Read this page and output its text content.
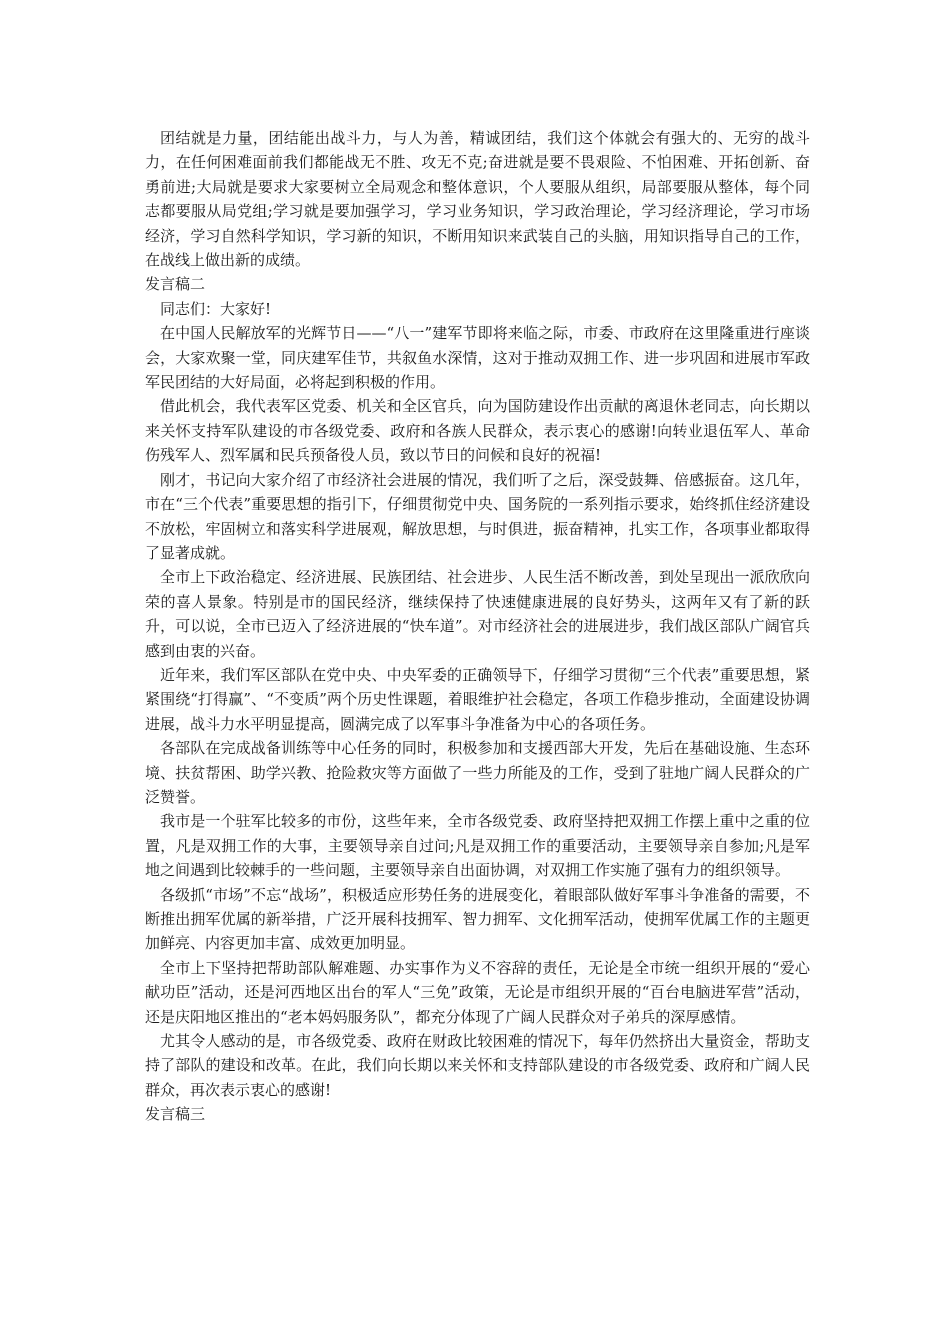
团结就是力量，团结能出战斗力，与人为善，精诚团结，我们这个体就会有强大的、无穷的战斗力，在任何困难面前我们都能战无不胜、攻无不克;奋进就是要不畏艰险、不怕困难、开拓创新、奋勇前进;大局就是要求大家要树立全局观念和整体意识，个人要服从组织，局部要服从整体，每个同志都要服从局党组;学习就是要加强学习，学习业务知识，学习政治理论，学习经济理论，学习市场经济，学习自然科学知识，学习新的知识，不断用知识来武装自己的头脑，用知识指导自己的工作，在战线上做出新的成绩。

发言稿二

同志们：大家好!

在中国人民解放军的光辉节日——“八一”建军节即将来临之际，市委、市政府在这里隆重进行座谈会，大家欢聚一堂，同庆建军佳节，共叙鱼水深情，这对于推动双拥工作、进一步巩固和进展市军政军民团结的大好局面，必将起到积极的作用。

借此机会，我代表军区党委、机关和全区官兵，向为国防建设作出贡献的离退休老同志，向长期以来关怀支持军队建设的市各级党委、政府和各族人民群众，表示衷心的感谢!向转业退伍军人、革命伤残军人、烈军属和民兵预备役人员，致以节日的问候和良好的祝福!

刚才，书记向大家介绍了市经济社会进展的情况，我们听了之后，深受鼓舞、倍感振奋。这几年，市在“三个代表”重要思想的指引下，仔细贯彻党中央、国务院的一系列指示要求，始终抓住经济建设不放松，牢固树立和落实科学进展观，解放思想，与时俱进，振奋精神，扎实工作，各项事业都取得了显著成就。

全市上下政治稳定、经济进展、民族团结、社会进步、人民生活不断改善，到处呈现出一派欣欣向荣的喜人景象。特别是市的国民经济，继续保持了快速健康进展的良好势头，这两年又有了新的跃升，可以说，全市已迈入了经济进展的“快车道”。对市经济社会的进展进步，我们战区部队广阔官兵感到由衷的兴奋。

近年来，我们军区部队在党中央、中央军委的正确领导下，仔细学习贯彻“三个代表”重要思想，紧紧围绕“打得赢”、“不变质”两个历史性课题，着眼维护社会稳定，各项工作稳步推动，全面建设协调进展，战斗力水平明显提高，圆满完成了以军事斗争准备为中心的各项任务。

各部队在完成战备训练等中心任务的同时，积极参加和支援西部大开发，先后在基础设施、生态环境、扶贫帮困、助学兴教、抢险救灾等方面做了一些力所能及的工作，受到了驻地广阔人民群众的广泛赞誉。

我市是一个驻军比较多的市份，这些年来，全市各级党委、政府坚持把双拥工作摆上重中之重的位置，凡是双拥工作的大事，主要领导亲自过问;凡是双拥工作的重要活动，主要领导亲自参加;凡是军地之间遇到比较棘手的一些问题，主要领导亲自出面协调，对双拥工作实施了强有力的组织领导。

各级抓“市场”不忘“战场”，积极适应形势任务的进展变化，着眼部队做好军事斗争准备的需要，不断推出拥军优属的新举措，广泛开展科技拥军、智力拥军、文化拥军活动，使拥军优属工作的主题更加鲜亮、内容更加丰富、成效更加明显。

全市上下坚持把帮助部队解难题、办实事作为义不容辞的责任，无论是全市统一组织开展的“爱心献功臣”活动，还是河西地区出台的军人“三免”政策，无论是市组织开展的“百台电脑进军营”活动，还是庆阳地区推出的“老本妈妈服务队”，都充分体现了广阔人民群众对子弟兵的深厚感情。

尤其令人感动的是，市各级党委、政府在财政比较困难的情况下，每年仍然挤出大量资金，帮助支持了部队的建设和改革。在此，我们向长期以来关怀和支持部队建设的市各级党委、政府和广阔人民群众，再次表示衷心的感谢!

发言稿三
